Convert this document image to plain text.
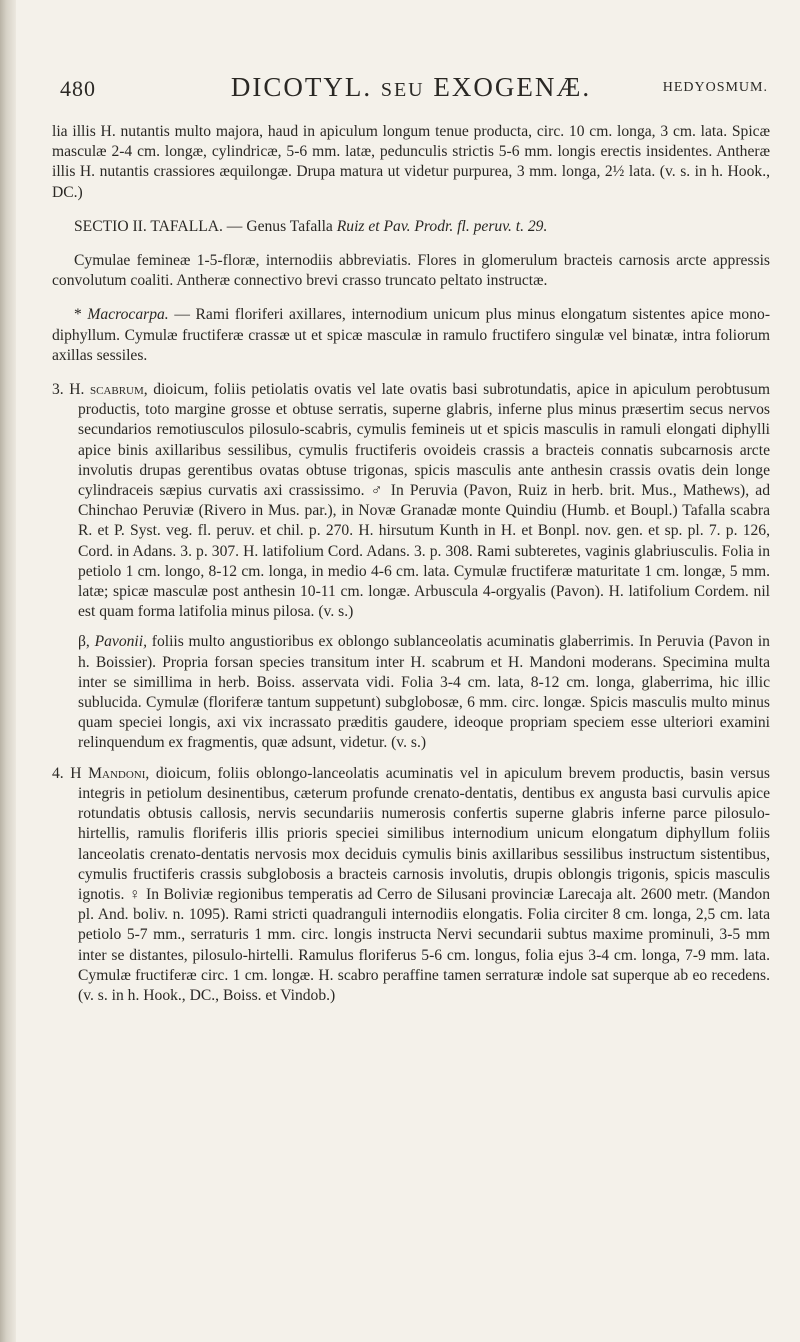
480	DICOTYL. SEU EXOGENÆ.	HEDYOSMUM.

lia illis H. nutantis multo majora, haud in apiculum longum tenue producta, circ. 10 cm. longa, 3 cm. lata. Spicæ masculæ 2-4 cm. longæ, cylindricæ, 5-6 mm. latæ, pedunculis strictis 5-6 mm. longis erectis insidentes. Antheræ illis H. nutantis crassiores æquilongæ. Drupa matura ut videtur purpurea, 3 mm. longa, 2½ lata. (v. s. in h. Hook., DC.)

SECTIO II. TAFALLA. — Genus Tafalla Ruiz et Pav. Prodr. fl. peruv. t. 29.

Cymulae femineæ 1-5-floræ, internodiis abbreviatis. Flores in glomerulum bracteis carnosis arcte appressis convolutum coaliti. Antheræ connectivo brevi crasso truncato peltato instructæ.

* Macrocarpa. — Rami floriferi axillares, internodium unicum plus minus elongatum sistentes apice mono-diphyllum. Cymulæ fructiferæ crassæ ut et spicæ masculæ in ramulo fructifero singulæ vel binatæ, intra foliorum axillas sessiles.

3. H. scabrum, dioicum, foliis petiolatis ovatis vel late ovatis basi subrotundatis, apice in apiculum perobtusum productis, toto margine grosse et obtuse serratis, superne glabris, inferne plus minus præsertim secus nervos secundarios remotiusculos pilosulo-scabris, cymulis femineis ut et spicis masculis in ramuli elongati diphylli apice binis axillaribus sessilibus, cymulis fructiferis ovoideis crassis a bracteis connatis subcarnosis arcte involutis drupas gerentibus ovatas obtuse trigonas, spicis masculis ante anthesin crassis ovatis dein longe cylindraceis sæpius curvatis axi crassissimo. ♂ In Peruvia (Pavon, Ruiz in herb. brit. Mus., Mathews), ad Chinchao Peruviæ (Rivero in Mus. par.), in Novæ Granadæ monte Quindiu (Humb. et Boupl.) Tafalla scabra R. et P. Syst. veg. fl. peruv. et chil. p. 270. H. hirsutum Kunth in H. et Bonpl. nov. gen. et sp. pl. 7. p. 126, Cord. in Adans. 3. p. 307. H. latifolium Cord. Adans. 3. p. 308. Rami subteretes, vaginis glabriusculis. Folia in petiolo 1 cm. longo, 8-12 cm. longa, in medio 4-6 cm. lata. Cymulæ fructiferæ maturitate 1 cm. longæ, 5 mm. latæ; spicæ masculæ post anthesin 10-11 cm. longæ. Arbuscula 4-orgyalis (Pavon). H. latifolium Cordem. nil est quam forma latifolia minus pilosa. (v. s.)

β, Pavonii, foliis multo angustioribus ex oblongo sublanceolatis acuminatis glaberrimis. In Peruvia (Pavon in h. Boissier). Propria forsan species transitum inter H. scabrum et H. Mandoni moderans. Specimina multa inter se simillima in herb. Boiss. asservata vidi. Folia 3-4 cm. lata, 8-12 cm. longa, glaberrima, hic illic sublucida. Cymulæ (floriferæ tantum suppetunt) subglobosæ, 6 mm. circ. longæ. Spicis masculis multo minus quam speciei longis, axi vix incrassato præditis gaudere, ideoque propriam speciem esse ulteriori examini relinquendum ex fragmentis, quæ adsunt, videtur. (v. s.)

4. H Mandoni, dioicum, foliis oblongo-lanceolatis acuminatis vel in apiculum brevem productis, basin versus integris in petiolum desinentibus, cæterum profunde crenato-dentatis, dentibus ex angusta basi curvulis apice rotundatis obtusis callosis, nervis secundariis numerosis confertis superne glabris inferne parce pilosulo-hirtellis, ramulis floriferis illis prioris speciei similibus internodium unicum elongatum diphyllum foliis lanceolatis crenato-dentatis nervosis mox deciduis cymulis binis axillaribus sessilibus instructum sistentibus, cymulis fructiferis crassis subglobosis a bracteis carnosis involutis, drupis oblongis trigonis, spicis masculis ignotis. ♀ In Boliviæ regionibus temperatis ad Cerro de Silusani provinciæ Larecaja alt. 2600 metr. (Mandon pl. And. boliv. n. 1095). Rami stricti quadranguli internodiis elongatis. Folia circiter 8 cm. longa, 2,5 cm. lata petiolo 5-7 mm., serraturis 1 mm. circ. longis instructa Nervi secundarii subtus maxime prominuli, 3-5 mm inter se distantes, pilosulo-hirtelli. Ramulus floriferus 5-6 cm. longus, folia ejus 3-4 cm. longa, 7-9 mm. lata. Cymulæ fructiferæ circ. 1 cm. longæ. H. scabro peraffine tamen serraturæ indole sat superque ab eo recedens. (v. s. in h. Hook., DC., Boiss. et Vindob.)
